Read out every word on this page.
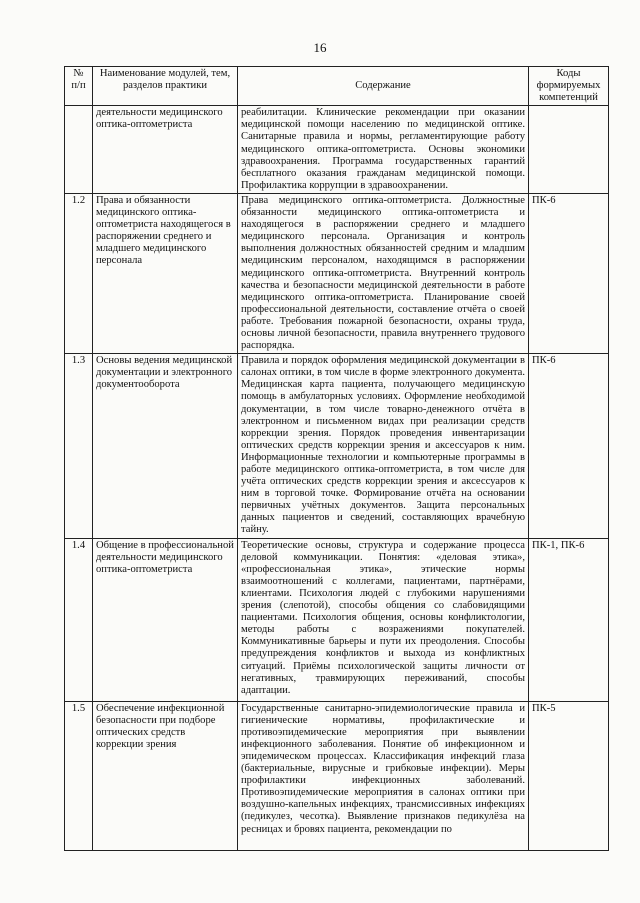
16
№ п/п	Наименование модулей, тем, разделов практики	Содержание	Коды формируемых компетенций
	деятельности медицинского оптика-оптометриста	реабилитации. Клинические рекомендации при оказании медицинской помощи населению по медицинской оптике. Санитарные правила и нормы, регламентирующие работу медицинского оптика-оптометриста. Основы экономики здравоохранения. Программа государственных гарантий бесплатного оказания гражданам медицинской помощи. Профилактика коррупции в здравоохранении.	
1.2	Права и обязанности медицинского оптика-оптометриста находящегося в распоряжении среднего и младшего медицинского персонала	Права медицинского оптика-оптометриста. Должностные обязанности медицинского оптика-оптометриста и находящегося в распоряжении среднего и младшего медицинского персонала. Организация и контроль выполнения должностных обязанностей средним и младшим медицинским персоналом, находящимся в распоряжении медицинского оптика-оптометриста. Внутренний контроль качества и безопасности медицинской деятельности в работе медицинского оптика-оптометриста. Планирование своей профессиональной деятельности, составление отчёта о своей работе. Требования пожарной безопасности, охраны труда, основы личной безопасности, правила внутреннего трудового распорядка.	ПК-6
1.3	Основы ведения медицинской документации и электронного документооборота	Правила и порядок оформления медицинской документации в салонах оптики, в том числе в форме электронного документа. Медицинская карта пациента, получающего медицинскую помощь в амбулаторных условиях. Оформление необходимой документации, в том числе товарно-денежного отчёта в электронном и письменном видах при реализации средств коррекции зрения. Порядок проведения инвентаризации оптических средств коррекции зрения и аксессуаров к ним. Информационные технологии и компьютерные программы в работе медицинского оптика-оптометриста, в том числе для учёта оптических средств коррекции зрения и аксессуаров к ним в торговой точке. Формирование отчёта на основании первичных учётных документов. Защита персональных данных пациентов и сведений, составляющих врачебную тайну.	ПК-6
1.4	Общение в профессиональной деятельности медицинского оптика-оптометриста	Теоретические основы, структура и содержание процесса деловой коммуникации. Понятия: «деловая этика», «профессиональная этика», этические нормы взаимоотношений с коллегами, пациентами, партнёрами, клиентами. Психология людей с глубокими нарушениями зрения (слепотой), способы общения со слабовидящими пациентами. Психология общения, основы конфликтологии, методы работы с возражениями покупателей. Коммуникативные барьеры и пути их преодоления. Способы предупреждения конфликтов и выхода из конфликтных ситуаций. Приёмы психологической защиты личности от негативных, травмирующих переживаний, способы адаптации.	ПК-1, ПК-6
1.5	Обеспечение инфекционной безопасности при подборе оптических средств коррекции зрения	Государственные санитарно-эпидемиологические правила и гигиенические нормативы, профилактические и противоэпидемические мероприятия при выявлении инфекционного заболевания. Понятие об инфекционном и эпидемическом процессах. Классификация инфекций глаза (бактериальные, вирусные и грибковые инфекции). Меры профилактики инфекционных заболеваний. Противоэпидемические мероприятия в салонах оптики при воздушно-капельных инфекциях, трансмиссивных инфекциях (педикулез, чесотка). Выявление признаков педикулёза на ресницах и бровях пациента, рекомендации по	ПК-5
